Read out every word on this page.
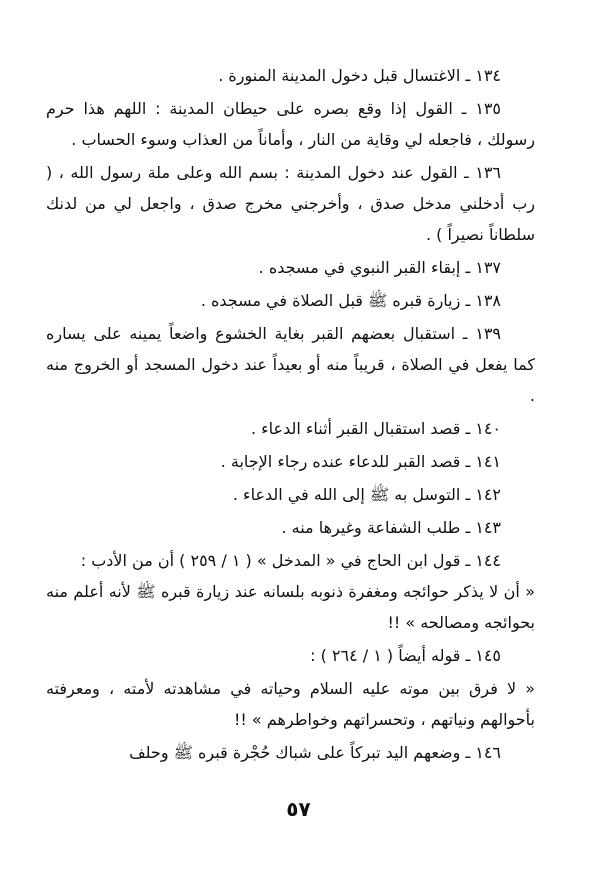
١٣٤ ـ الاغتسال قبل دخول المدينة المنورة .

١٣٥ ـ القول إذا وقع بصره على حيطان المدينة : اللهم هذا حرم رسولك ، فاجعله لي وقاية من النار ، وأماناً من العذاب وسوء الحساب .

١٣٦ ـ القول عند دخول المدينة : بسم الله وعلى ملة رسول الله ، ( رب أدخلني مدخل صدق ، وأخرجني مخرج صدق ، واجعل لي من لدنك سلطاناً نصيراً ) .

١٣٧ ـ إبقاء القبر النبوي في مسجده .

١٣٨ ـ زيارة قبره ﷺ قبل الصلاة في مسجده .

١٣٩ ـ استقبال بعضهم القبر بغاية الخشوع واضعاً يمينه على يساره كما يفعل في الصلاة ، قريباً منه أو بعيداً عند دخول المسجد أو الخروج منه .

١٤٠ ـ قصد استقبال القبر أثناء الدعاء .

١٤١ ـ قصد القبر للدعاء عنده رجاء الإجابة .

١٤٢ ـ التوسل به ﷺ إلى الله في الدعاء .

١٤٣ ـ طلب الشفاعة وغيرها منه .

١٤٤ ـ قول ابن الحاج في « المدخل » ( ١ / ٢٥٩ ) أن من الأدب :

« أن لا يذكر حوائجه ومغفرة ذنوبه بلسانه عند زيارة قبره ﷺ لأنه أعلم منه بحوائجه ومصالحه » !!

١٤٥ ـ قوله أيضاً ( ١ / ٢٦٤ ) :

« لا فرق بين موته عليه السلام وحياته في مشاهدته لأمته ، ومعرفته بأحوالهم ونياتهم ، وتحسراتهم وخواطرهم » !!

١٤٦ ـ وضعهم اليد تبركاً على شباك حُجْرة قبره ﷺ وحلف

٥٧
